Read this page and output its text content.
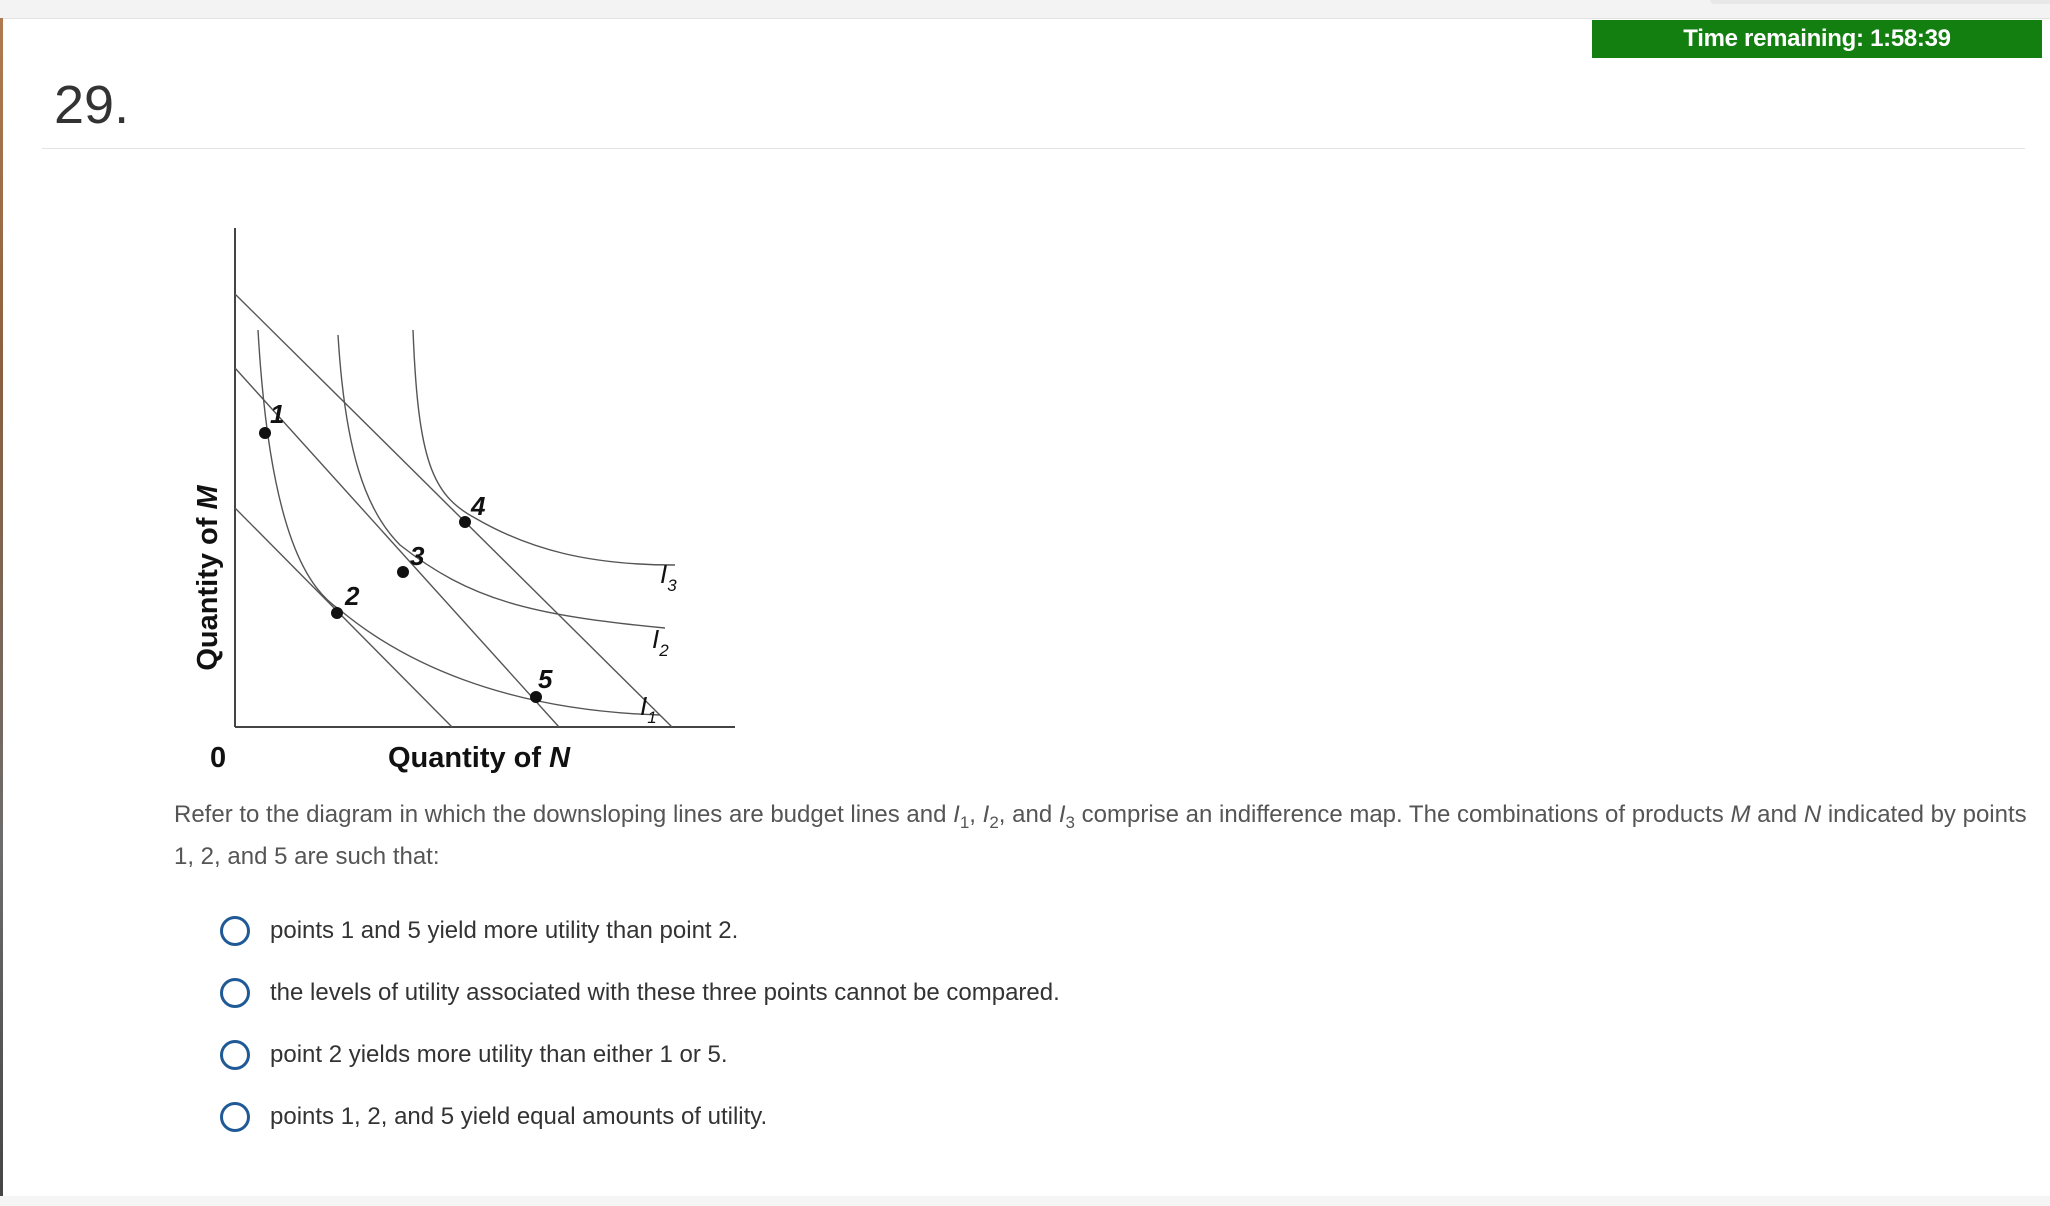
Time remaining: 1:58:39
29.
1
2
3
4
5
$I_1$
$I_2$
$I_3$
0	Quantity of N
Quantity of M
Refer to the diagram in which the downsloping lines are budget lines and $I_1$, $I_2$, and $I_3$ comprise an indifference map. The combinations of products M and N indicated by points 1, 2, and 5 are such that:
points 1 and 5 yield more utility than point 2.
the levels of utility associated with these three points cannot be compared.
point 2 yields more utility than either 1 or 5.
points 1, 2, and 5 yield equal amounts of utility.
